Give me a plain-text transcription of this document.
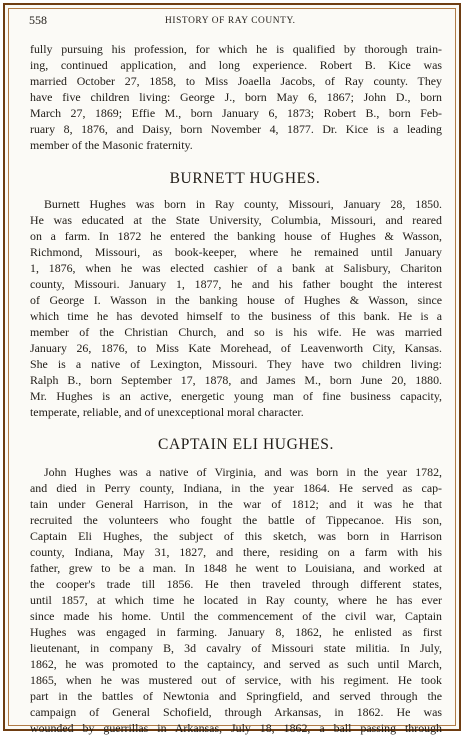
558	HISTORY OF RAY COUNTY.
fully pursuing his profession, for which he is qualified by thorough train-
ing, continued application, and long experience. Robert B. Kice was
married October 27, 1858, to Miss Joaella Jacobs, of Ray county. They
have five children living: George J., born May 6, 1867; John D., born
March 27, 1869; Effie M., born January 6, 1873; Robert B., born Feb-
ruary 8, 1876, and Daisy, born November 4, 1877. Dr. Kice is a leading
member of the Masonic fraternity.
BURNETT HUGHES.
Burnett Hughes was born in Ray county, Missouri, January 28, 1850.
He was educated at the State University, Columbia, Missouri, and reared
on a farm. In 1872 he entered the banking house of Hughes & Wasson,
Richmond, Missouri, as book-keeper, where he remained until January
1, 1876, when he was elected cashier of a bank at Salisbury, Chariton
county, Missouri. January 1, 1877, he and his father bought the interest
of George I. Wasson in the banking house of Hughes & Wasson, since
which time he has devoted himself to the business of this bank. He is a
member of the Christian Church, and so is his wife. He was married
January 26, 1876, to Miss Kate Morehead, of Leavenworth City, Kansas.
She is a native of Lexington, Missouri. They have two children living:
Ralph B., born September 17, 1878, and James M., born June 20, 1880.
Mr. Hughes is an active, energetic young man of fine business capacity,
temperate, reliable, and of unexceptional moral character.
CAPTAIN ELI HUGHES.
John Hughes was a native of Virginia, and was born in the year 1782,
and died in Perry county, Indiana, in the year 1864. He served as cap-
tain under General Harrison, in the war of 1812; and it was he that
recruited the volunteers who fought the battle of Tippecanoe. His son,
Captain Eli Hughes, the subject of this sketch, was born in Harrison
county, Indiana, May 31, 1827, and there, residing on a farm with his
father, grew to be a man. In 1848 he went to Louisiana, and worked at
the cooper's trade till 1856. He then traveled through different states,
until 1857, at which time he located in Ray county, where he has ever
since made his home. Until the commencement of the civil war, Captain
Hughes was engaged in farming. January 8, 1862, he enlisted as first
lieutenant, in company B, 3d cavalry of Missouri state militia. In July,
1862, he was promoted to the captaincy, and served as such until March,
1865, when he was mustered out of service, with his regiment. He took
part in the battles of Newtonia and Springfield, and served through the
campaign of General Schofield, through Arkansas, in 1862. He was
wounded by guerrillas in Arkansas, July 18, 1862, a ball passing through
